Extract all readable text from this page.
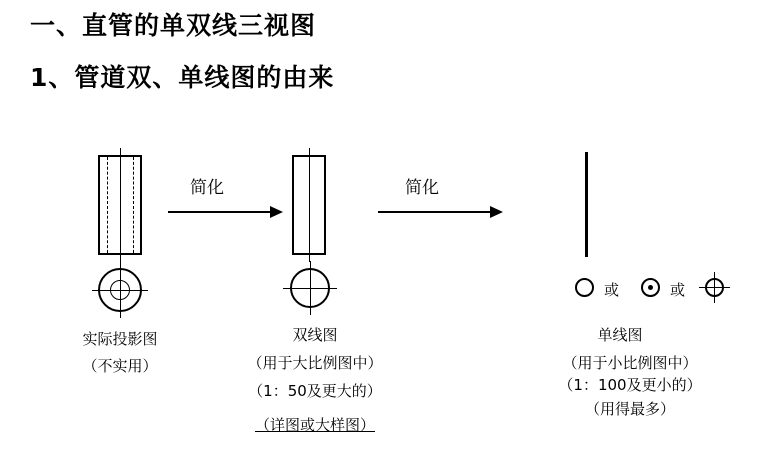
一、直管的单双线三视图
1、管道双、单线图的由来
实际投影图
（不实用）
简化
双线图
（用于大比例图中）
（1：50及更大的）
（详图或大样图）
简化
或	或
单线图
（用于小比例图中）
（1：100及更小的）
（用得最多）
